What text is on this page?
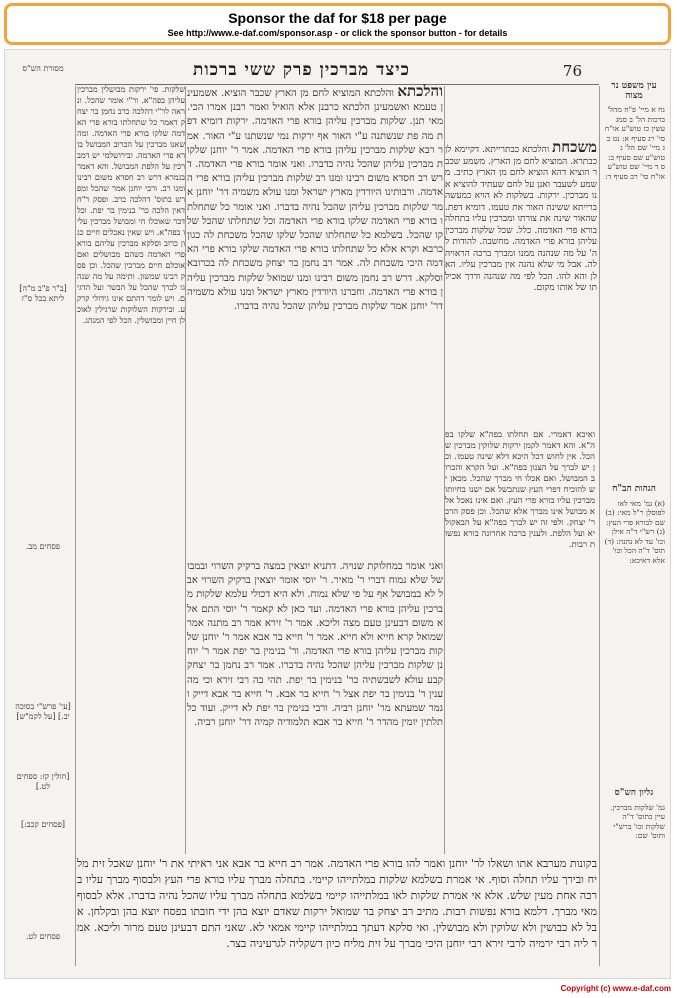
Sponsor the daf for $18 per page
See http://www.e-daf.com/sponsor.asp - or click the sponsor button - for details
76
כיצד מברכין פרק ששי ברכות
והלכתא והלכתא המוציא לחם מן הארץ שכבר הוציא. אשמעינן טעמא ואשמעינן הלכתא כרבנן אלא הואיל ואמר רבנן אמרו הכי. מאי תנן. שלקות מברכין עליהן בורא פרי האדמה. ירקות דומיא דפת מה פת שנשתנה ע"י האור אף ירקות נמי שנשתנו ע"י האור. אמר רבא שלקות מברכין עליהן בורא פרי האדמה. אמר ר' יוחנן שלקות מברכין עליהן שהכל נהיה בדברו. ואני אומר בורא פרי האדמה. דרש רב חסדא משום רבינו ומנו רב שלקות מברכין עליהן בורא פרי האדמה. ורבותינו היורדין מארץ ישראל ומנו עולא משמיה דר' יוחנן אמר שלקות מברכין עליהן שהכל נהיה בדברו. ואני אומר כל שתחלתו בורא פרי האדמה שלקו בורא פרי האדמה וכל שתחלתו שהכל שלקו שהכל. בשלמא כל שתחלתו שהכל שלקו שהכל משכחת לה כגון כרבא וקרא אלא כל שתחלתו בורא פרי האדמה שלקו בורא פרי האדמה היכי משכחת לה. אמר רב נחמן בר יצחק משכחת לה בכרובא וסלקא. דרש רב נחמן משום רבינו ומנו שמואל שלקות מברכין עליהן בורא פרי האדמה. וחברנו היורדין מארץ ישראל ומנו עולא משמיה דר' יוחנן אמר שלקות מברכין עליהן שהכל נהיה בדברו.
משכחת והלכתא כבתרייתא. דקיימא לן כבתרא. המוציא לחם מן הארץ. משמע שכבר הוציא דהא הוציא לחם מן הארץ כתיב. משמע לשעבר ואנן על לחם שעתיד להוציא אנו מברכין. ירקות. בשלקות לא הויא כמעשה ברייתא ששינה האור את טעמו. דומיא דפת. שהאור שינה את צורתו ומברכין עליו בתחלה בורא פרי האדמה. כלל. שכל שלקות מברכין עליהן בורא פרי האדמה. מחשבה. להודות לה' על מה שנהנה ממנו ומברך ברכה הראויה לה. אבל מי שלא נהנה אין מברכין עליו. הא לן והא להו. הכל לפי מה שנהנה ודרך אכילתו של אותו מקום.
ואיכא דאמרי. אם תחלתו בפה"א שלקו בפה"א. והא דאמר לקמן ירקות שלוקין מברכין שהכל. אין לחוש דכל היכא דלא שינה טעמו. וכן יש לברך על הצנון בפה"א. ועל הקרא והכרוב המבושל. ואם אכלו חי מברך שהכל. מכאן יש להוכיח דפרי העץ שנתבשל אם ישנו בחיותו מברכין עליו בורא פרי העץ. ואם אינו נאכל אלא מבושל אינו מברך אלא שהכל. וכן פסק הרב ר' יצחק. ולפי זה יש לברך בפה"א על הבאקוליא ועל הלפת. ולענין ברכה אחרונה בורא נפשות רבות.
ואני אומר במחלוקת שנויה. דתניא יוצאין במצה ברקיק השרוי ובמבושל שלא נמוח דברי ר' מאיר. ר' יוסי אומר יוצאין ברקיק השרוי אבל לא במבושל אף על פי שלא נמוח. ולא היא דכולי עלמא שלקות מברכין עליהן בורא פרי האדמה. ועד כאן לא קאמר ר' יוסי התם אלא משום דבעינן טעם מצה וליכא. אמר ר' זירא אמר רב מתנה אמר שמואל קרא חייא ולא חייא. אמר ר' חייא בר אבא אמר ר' יוחנן שלקות מברכין עליהן בורא פרי האדמה. ור' בנימין בר יפת אמר ר' יוחנן שלקות מברכין עליהן שהכל נהיה בדברו. אמר רב נחמן בר יצחק קבע עולא לשבשתיה כר' בנימין בר יפת. תהי בה רבי זירא וכי מה ענין ר' בנימין בר יפת אצל ר' חייא בר אבא. ר' חייא בר אבא דייק וגמר שמעתא מר' יוחנן רביה. ורבי בנימין בר יפת לא דייק. ועוד כל תלתין יומין מהדר ר' חייא בר אבא תלמודיה קמיה דר' יוחנן רביה.
שלקות. פי' ירקות מבושלין מברכין עליהן בפה"א. ור"י אומר שהכל. ונראה לר"י דהלכה כרב נחמן בר יצחק דאמר כל שתחלתו בורא פרי האדמה שלקו בורא פרי האדמה. ומה שאנו מברכין על הכרוב המבושל בורא פרי האדמה. ובירושלמי יש דמברכין על הלפת המבושל. והא דאמר בגמרא דרש רב חסדא משום רבינו ומנו רב. ורבי יוחנן אמר שהכל ומפרש בתוס' דהלכה כרב. ופסק ר"ח דאין הלכה כר' בנימין בר יפת. וכל דבר שאוכלו חי ומבושל מברכין עליו בפה"א. ויש שאין נאכלים חיים כגון כרוב וסלקא מברכין עליהם בורא פרי האדמה כשהם מבושלים ואם אוכלם חיים מברכין שהכל. וכן פסק רבינו שמשון. ותימה על מה שנהגו לברך שהכל על הבשר ועל הדגים. ויש לומר דהתם אינו גידולי קרקע. ובירקות השלוקות שרגילין לאוכלן חיין ומבושלין. הכל לפי המנהג.
בקונות מערבא אתו ושאלו לר' יוחנן ואמר להו בורא פרי האדמה. אמר רב חייא בר אבא אני ראיתי את ר' יוחנן שאכל זית מליח ובירך עליו תחלה וסוף. אי אמרת בשלמא שלקות במלתייהו קיימי. בתחלה מברך עליו בורא פרי העץ ולבסוף מברך עליו ברכה אחת מעין שלש. אלא אי אמרת שלקות לאו במלתייהו קיימי בשלמא בתחלה מברך עליו שהכל נהיה בדברו. אלא לבסוף מאי מברך. דלמא בורא נפשות רבות. מתיב רב יצחק בר שמואל ירקות שאדם יוצא בהן ידי חובתו בפסח יוצא בהן ובקלחן. אבל לא כבושין ולא שלוקין ולא מבושלין. ואי סלקא דעתך במלתייהו קיימי אמאי לא. שאני התם דבעינן טעם מרור וליכא. אמר ליה רבי ירמיה לרבי זירא רבי יוחנן היכי מברך על זית מליח כיון דשקליה לגרעיניה בצר.
עין משפט נר מצוה
נח א מיי' פ"ח מהל' ברכות הל' ב סמג עשין כז טוש"ע או"ח סי' רג סעיף א: נט ב ג מיי' שם הל' ג טוש"ע שם סעיף ב: ס ד מיי' שם טוש"ע או"ח סי' רב סעיף ד:
הגהות הב"ח
(א) גמ' מאי לאו לפוסלן ר"ל מאי: (ב) שם לבורא פרי העץ: (ג) רש"י ד"ה אילן וכו' עד לא נהנה: (ד) תוס' ד"ה הכל וכו' אלא דאיכא:
גליון הש"ס
גמ' שלקות מברכין. עיין בתוס' ד"ה שלקות וכו' ברש"י ותוס' שם:
מסורת הש"ס
[ב"ר פ"ב מ"ה] ליתא בכל ס"ז
פסחים מב.
[עי' פרש"י בסוכה יב.] [על לקמ"ש]
[חולין קז: ספחים לט.]
[פסחים קכב:]
פסחים לט.
Copyright (c) www.e-daf.com
